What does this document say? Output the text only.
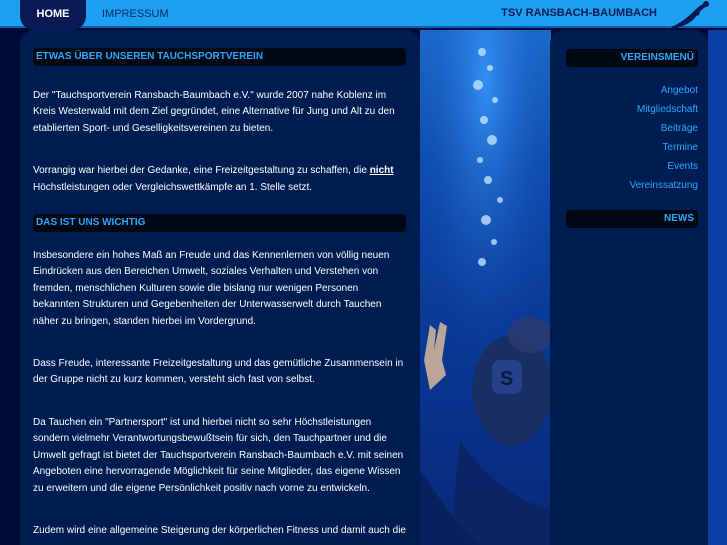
HOME	IMPRESSUM	TSV RANSBACH-BAUMBACH
ETWAS ÜBER UNSEREN TAUCHSPORTVEREIN

Der "Tauchsportverein Ransbach-Baumbach e.V." wurde 2007 nahe Koblenz im Kreis Westerwald mit dem Ziel gegründet, eine Alternative für Jung und Alt zu den etablierten Sport- und Geselligkeitsvereinen zu bieten.

Vorrangig war hierbei der Gedanke, eine Freizeitgestaltung zu schaffen, die nicht Höchstleistungen oder Vergleichswettkämpfe an 1. Stelle setzt.

DAS IST UNS WICHTIG

Insbesondere ein hohes Maß an Freude und das Kennenlernen von völlig neuen Eindrücken aus den Bereichen Umwelt, soziales Verhalten und Verstehen von fremden, menschlichen Kulturen sowie die bislang nur wenigen Personen bekannten Strukturen und Gegebenheiten der Unterwasserwelt durch Tauchen näher zu bringen, standen hierbei im Vordergrund.

Dass Freude, interessante Freizeitgestaltung und das gemütliche Zusammensein in der Gruppe nicht zu kurz kommen, versteht sich fast von selbst.

Da Tauchen ein "Partnersport" ist und hierbei nicht so sehr Höchstleistungen sondern vielmehr Verantwortungsbewußtsein für sich, den Tauchpartner und die Umwelt gefragt ist bietet der Tauchsportverein Ransbach-Baumbach e.V. mit seinen Angeboten eine hervorragende Möglichkeit für seine Mitglieder, das eigene Wissen zu erweitern und die eigene Persönlichkeit positiv nach vorne zu entwickeln.

Zudem wird eine allgemeine Steigerung der körperlichen Fitness und damit auch die

S
VEREINSMENÜ
Angebot
Mitgliedschaft
Beiträge
Termine
Events
Vereinssatzung
NEWS
